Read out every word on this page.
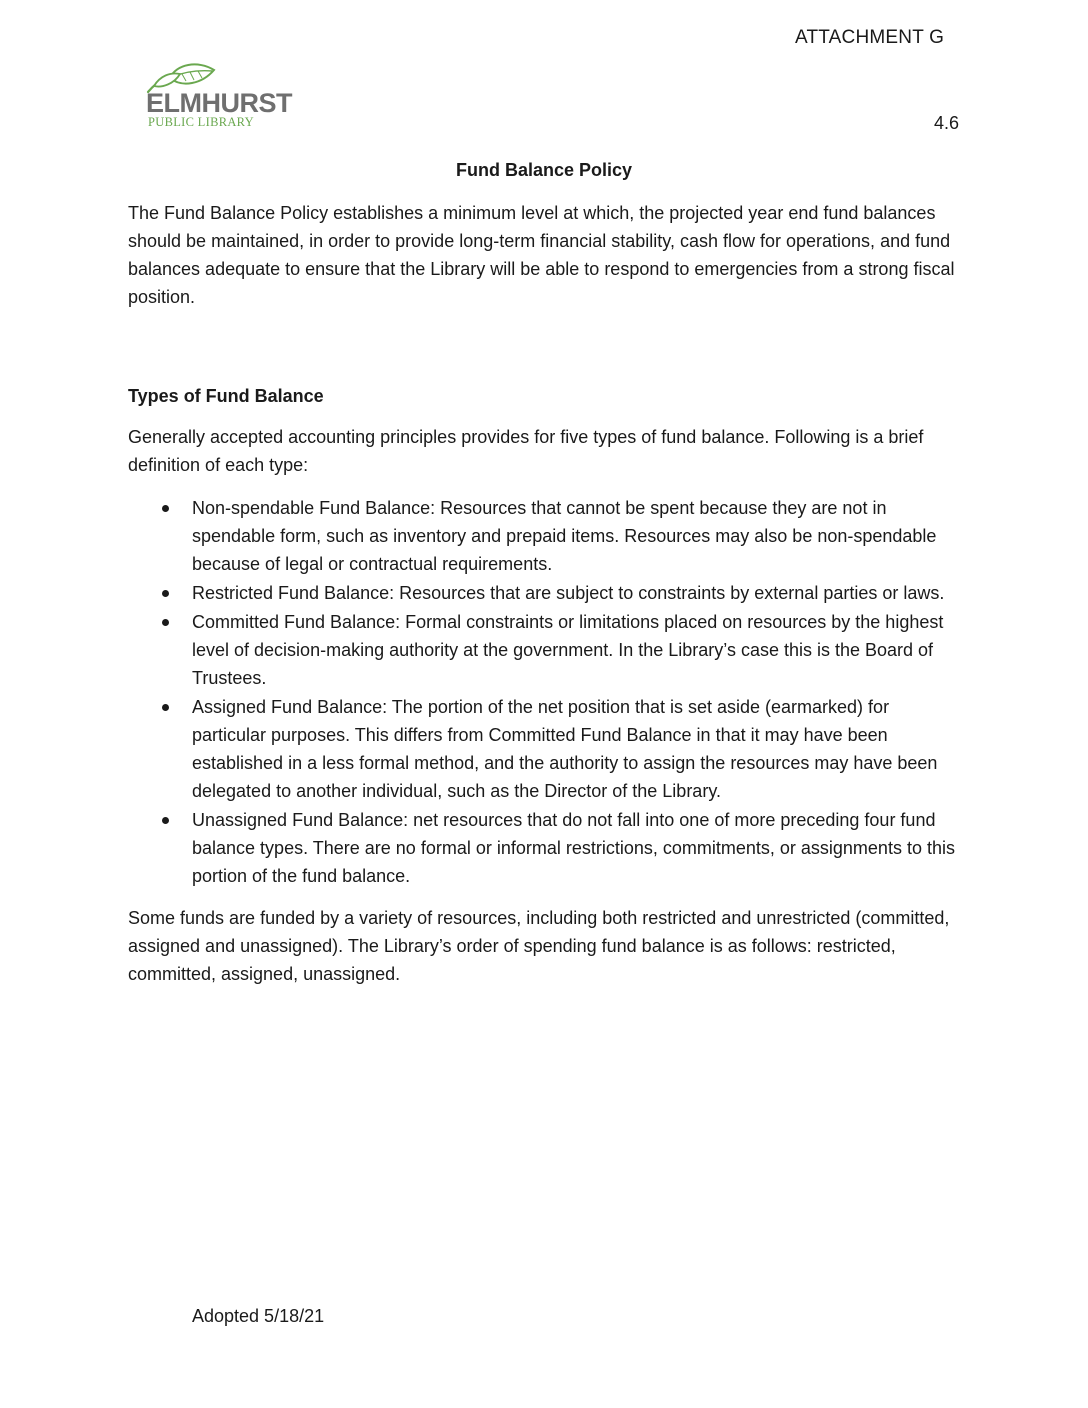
ATTACHMENT G
ELMHURST
PUBLIC LIBRARY	4.6
Fund Balance Policy

The Fund Balance Policy establishes a minimum level at which, the projected year end fund balances should be maintained, in order to provide long-term financial stability, cash flow for operations, and fund balances adequate to ensure that the Library will be able to respond to emergencies from a strong fiscal position.

Types of Fund Balance

Generally accepted accounting principles provides for five types of fund balance. Following is a brief definition of each type:

Non-spendable Fund Balance: Resources that cannot be spent because they are not in spendable form, such as inventory and prepaid items. Resources may also be non-spendable because of legal or contractual requirements.
Restricted Fund Balance: Resources that are subject to constraints by external parties or laws.
Committed Fund Balance: Formal constraints or limitations placed on resources by the highest level of decision-making authority at the government. In the Library’s case this is the Board of Trustees.
Assigned Fund Balance: The portion of the net position that is set aside (earmarked) for particular purposes. This differs from Committed Fund Balance in that it may have been established in a less formal method, and the authority to assign the resources may have been delegated to another individual, such as the Director of the Library.
Unassigned Fund Balance: net resources that do not fall into one of more preceding four fund balance types. There are no formal or informal restrictions, commitments, or assignments to this portion of the fund balance.

Some funds are funded by a variety of resources, including both restricted and unrestricted (committed, assigned and unassigned). The Library’s order of spending fund balance is as follows: restricted, committed, assigned, unassigned.

Adopted 5/18/21
